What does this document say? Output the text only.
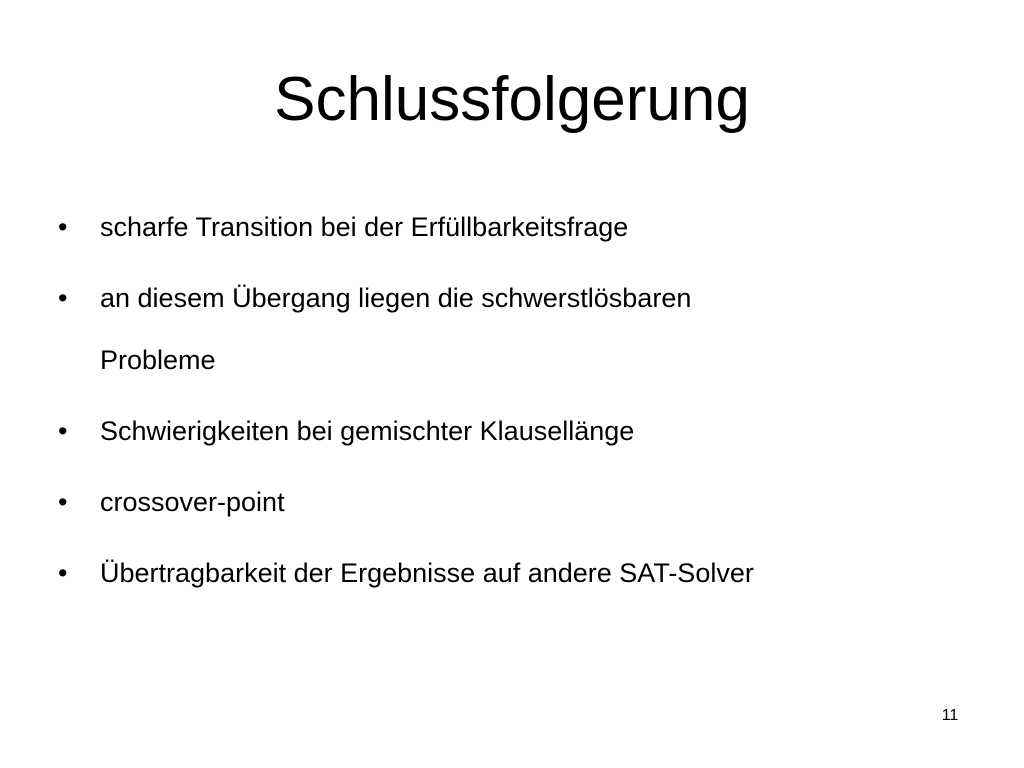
Schlussfolgerung
•	scharfe Transition bei der Erfüllbarkeitsfrage
•	an diesem Übergang liegen die schwerstlösbaren
Probleme
•	Schwierigkeiten bei gemischter Klausellänge
•	crossover-point
•	Übertragbarkeit der Ergebnisse auf andere SAT-Solver
11
